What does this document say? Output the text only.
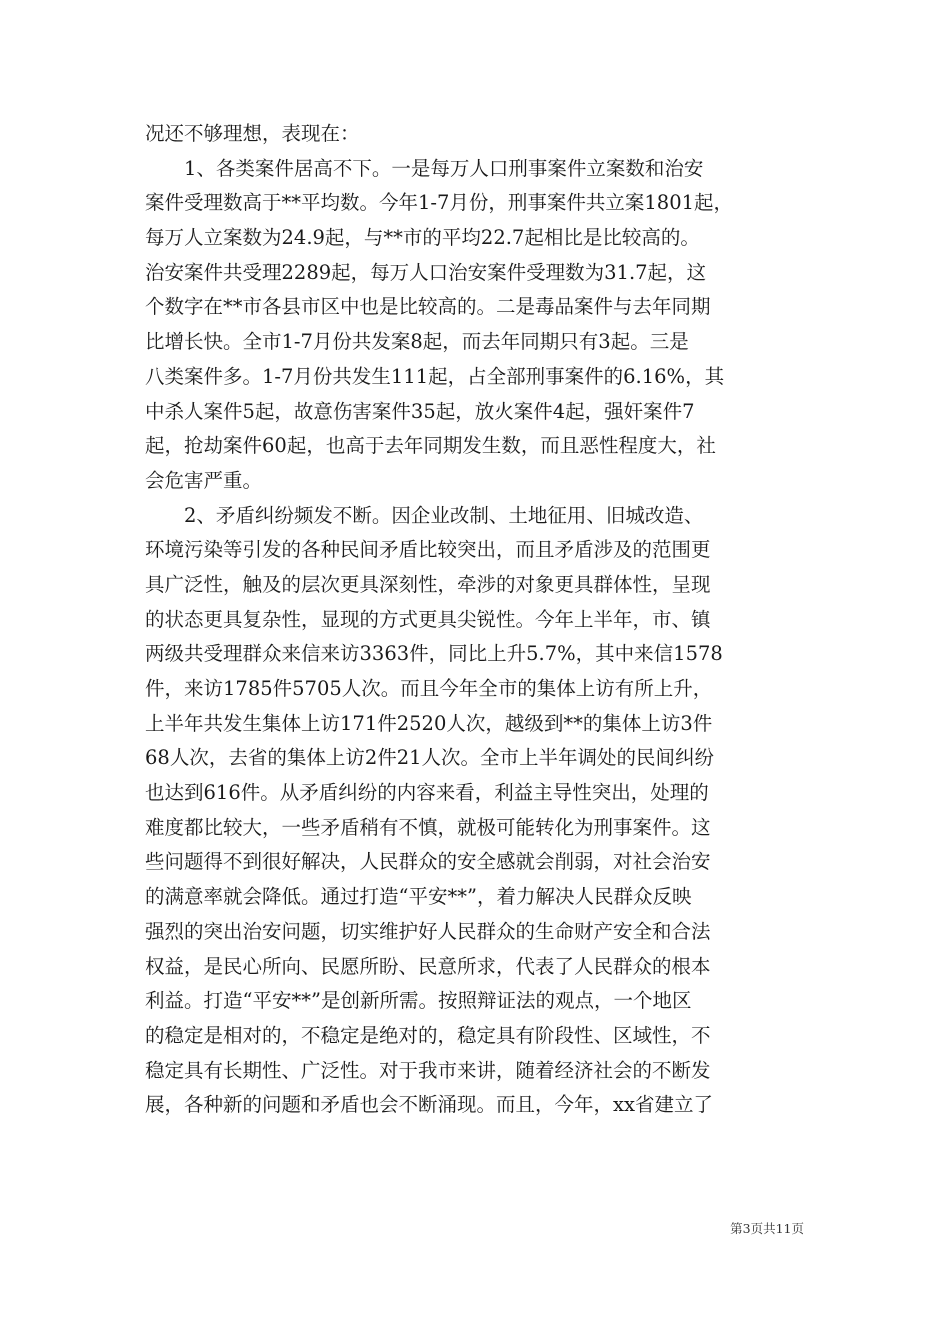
况还不够理想，表现在：
　　1、各类案件居高不下。一是每万人口刑事案件立案数和治安
案件受理数高于**平均数。今年1-7月份，刑事案件共立案1801起，
每万人立案数为24.9起，与**市的平均22.7起相比是比较高的。
治安案件共受理2289起，每万人口治安案件受理数为31.7起，这
个数字在**市各县市区中也是比较高的。二是毒品案件与去年同期
比增长快。全市1-7月份共发案8起，而去年同期只有3起。三是
八类案件多。1-7月份共发生111起，占全部刑事案件的6.16%，其
中杀人案件5起，故意伤害案件35起，放火案件4起，强奸案件7
起，抢劫案件60起，也高于去年同期发生数，而且恶性程度大，社
会危害严重。
　　2、矛盾纠纷频发不断。因企业改制、土地征用、旧城改造、
环境污染等引发的各种民间矛盾比较突出，而且矛盾涉及的范围更
具广泛性，触及的层次更具深刻性，牵涉的对象更具群体性，呈现
的状态更具复杂性，显现的方式更具尖锐性。今年上半年，市、镇
两级共受理群众来信来访3363件，同比上升5.7%，其中来信1578
件，来访1785件5705人次。而且今年全市的集体上访有所上升，
上半年共发生集体上访171件2520人次，越级到**的集体上访3件
68人次，去省的集体上访2件21人次。全市上半年调处的民间纠纷
也达到616件。从矛盾纠纷的内容来看，利益主导性突出，处理的
难度都比较大，一些矛盾稍有不慎，就极可能转化为刑事案件。这
些问题得不到很好解决，人民群众的安全感就会削弱，对社会治安
的满意率就会降低。通过打造“平安**”，着力解决人民群众反映
强烈的突出治安问题，切实维护好人民群众的生命财产安全和合法
权益，是民心所向、民愿所盼、民意所求，代表了人民群众的根本
利益。打造“平安**”是创新所需。按照辩证法的观点，一个地区
的稳定是相对的，不稳定是绝对的，稳定具有阶段性、区域性，不
稳定具有长期性、广泛性。对于我市来讲，随着经济社会的不断发
展，各种新的问题和矛盾也会不断涌现。而且，今年，xx省建立了
第3页共11页
